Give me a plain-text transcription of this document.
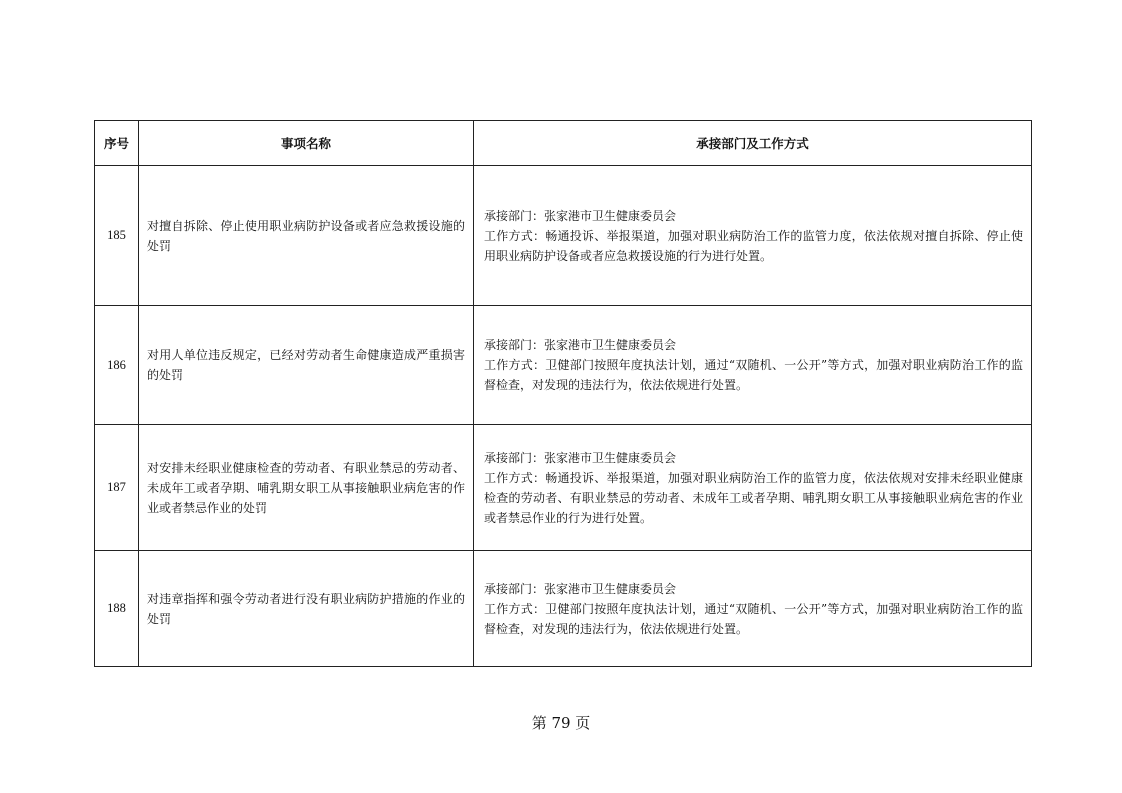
序号	事项名称	承接部门及工作方式
185	对擅自拆除、停止使用职业病防护设备或者应急救援设施的处罚	承接部门：张家港市卫生健康委员会
工作方式：畅通投诉、举报渠道，加强对职业病防治工作的监管力度，依法依规对擅自拆除、停止使用职业病防护设备或者应急救援设施的行为进行处置。

186	对用人单位违反规定，已经对劳动者生命健康造成严重损害的处罚	承接部门：张家港市卫生健康委员会
工作方式：卫健部门按照年度执法计划，通过“双随机、一公开”等方式，加强对职业病防治工作的监督检查，对发现的违法行为，依法依规进行处置。

187	对安排未经职业健康检查的劳动者、有职业禁忌的劳动者、未成年工或者孕期、哺乳期女职工从事接触职业病危害的作业或者禁忌作业的处罚	承接部门：张家港市卫生健康委员会
工作方式：畅通投诉、举报渠道，加强对职业病防治工作的监管力度，依法依规对安排未经职业健康检查的劳动者、有职业禁忌的劳动者、未成年工或者孕期、哺乳期女职工从事接触职业病危害的作业或者禁忌作业的行为进行处置。

188	对违章指挥和强令劳动者进行没有职业病防护措施的作业的处罚	承接部门：张家港市卫生健康委员会
工作方式：卫健部门按照年度执法计划，通过“双随机、一公开”等方式，加强对职业病防治工作的监督检查，对发现的违法行为，依法依规进行处置。
第 79 页
